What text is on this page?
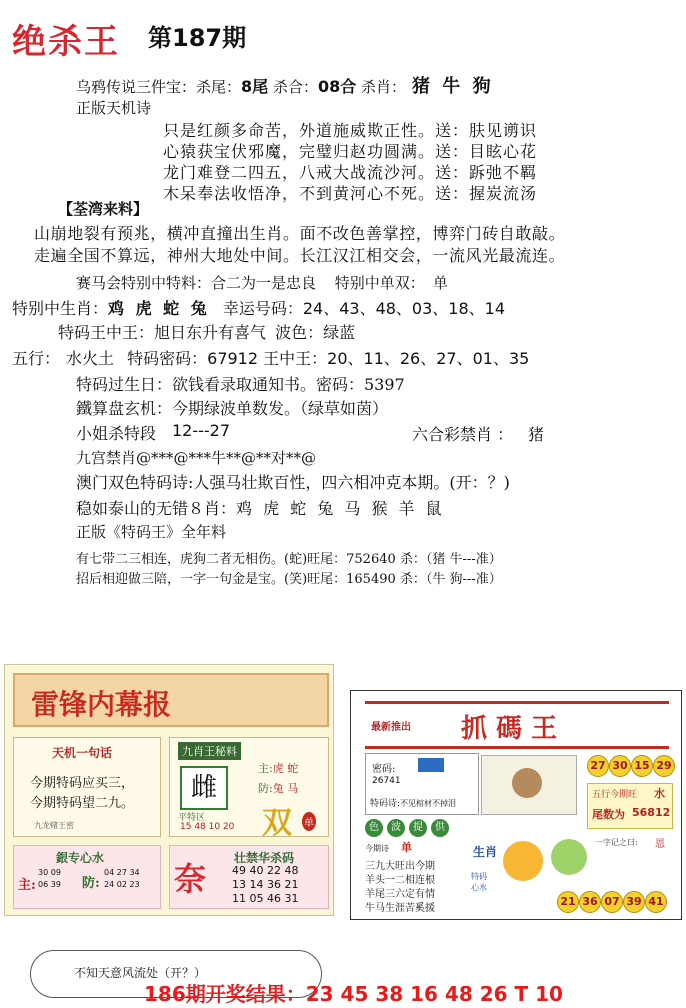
绝杀王 第187期
乌鸦传说三件宝：杀尾：8尾 杀合：08合 杀肖： 猪 牛 狗
正版天机诗
只是红颜多命苦，外道施威欺正性。送：肤见谫识
心猿获宝伏邪魔，完璧归赵功圆满。送：目眩心花
龙门难登二四五，八戒大战流沙河。送：跅弛不羁
木呆奉法收悟净，不到黄河心不死。送：握炭流汤
【荃湾来料】
山崩地裂有预兆，横冲直撞出生肖。面不改色善掌控，博弈门砖自敢敲。
走遍全国不算远，神州大地处中间。长江汉江相交会，一流风光最流连。
赛马会特别中特料：合二为一是忠良 特别中单双： 单
特别中生肖：鸡 虎 蛇 兔 幸运号码：24、43、48、03、18、14
特码王中王：旭日东升有喜气 波色：绿蓝
五行： 水火土 特码密码：67912 王中王：20、11、26、27、01、35
特码过生日：欲钱看录取通知书。密码：5397
鐵算盘玄机：今期绿波单数发。（绿草如茵）
小姐杀特段 12---27	六合彩禁肖 ： 猪
九宫禁肖@***@***牛**@**对**@
澳门双色特码诗:人强马壮欺百性，四六相冲克本期。(开：？)
稳如泰山的无错８肖：鸡 虎 蛇 兔 马 猴 羊 鼠
正版《特码王》全年料
有七带二三相连，虎狗二者无相伤。(蛇)旺尾：752640 杀：（猪 牛---准）
招后相迎做三陪，一字一句金是宝。(笑)旺尾：165490 杀：（牛 狗---准）
雷锋内幕报
天机一句话
今期特码应买三，
今期特码望二九。
九龙赌王密
九肖王秘料
雌
主:虎 蛇
防:兔 马
平特区
15 48 10 20 双 单
銀专心水
主:
30 09
06 39 防:
04 27 34
24 02 23 奈
壮禁华杀码
49 40 22 48
13 14 36 21
11 05 46 31
最新推出 抓 碼 王
27 30 15 29
密码:
26741
特码诗:不见棺材不掉泪
五行今期旺 水
尾数为 56812
一字记之曰: 恩
色	波	提	供
今期诗 单
三九大旺出今期
羊头一二相连根
羊尾三六定有情
牛马生涯苦奚援
生肖
特码心水
21 36 07 39 41
不知天意风流处（开？）
186期开奖结果：23 45 38 16 48 26 T 10
